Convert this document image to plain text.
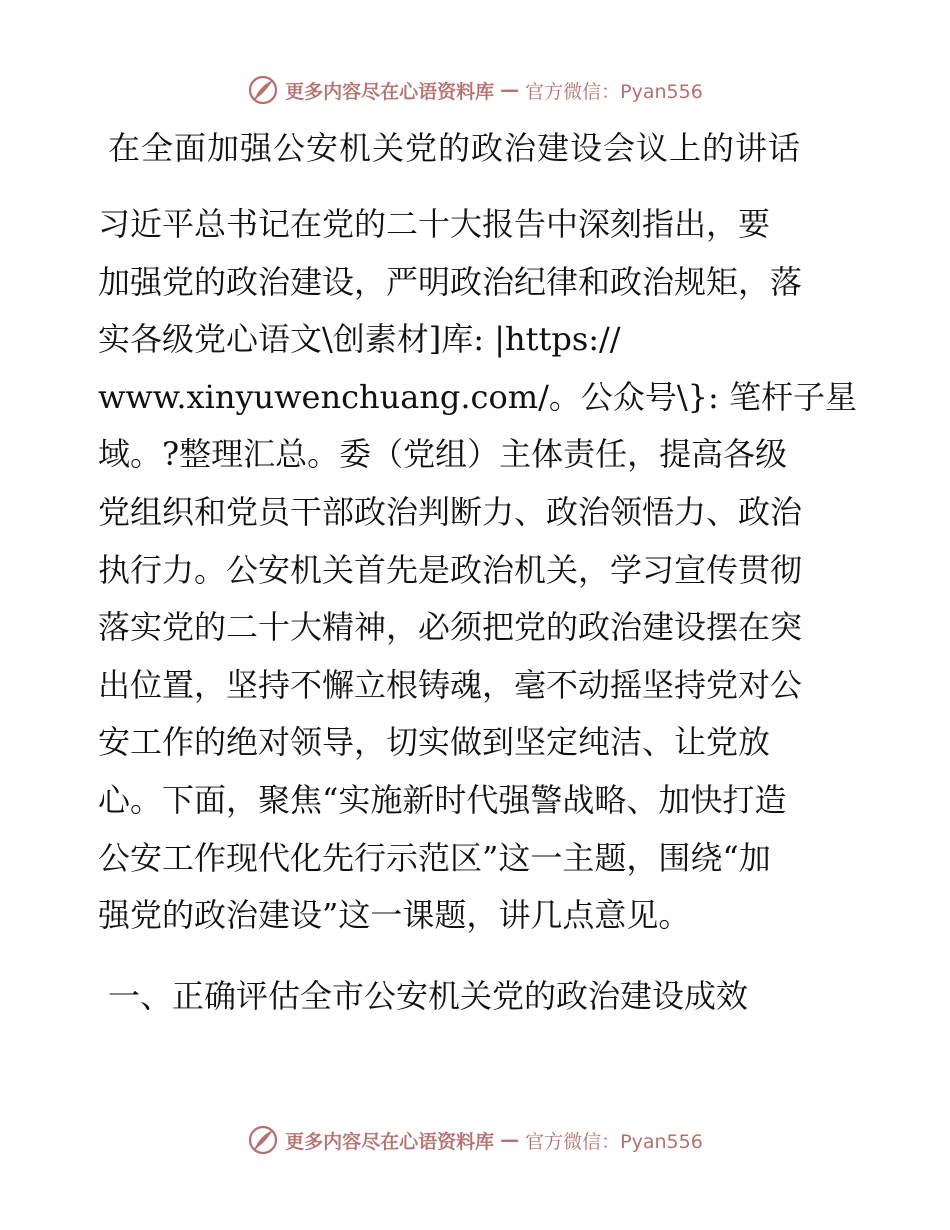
更多内容尽在心语资料库 — 官方微信：Pyan556
在全面加强公安机关党的政治建设会议上的讲话
习近平总书记在党的二十大报告中深刻指出，要
加强党的政治建设，严明政治纪律和政治规矩，落
实各级党心语文\创素材]库: |https://
www.xinyuwenchuang.com/。公众号\}: 笔杆子星
域。?整理汇总。委（党组）主体责任，提高各级
党组织和党员干部政治判断力、政治领悟力、政治
执行力。公安机关首先是政治机关，学习宣传贯彻
落实党的二十大精神，必须把党的政治建设摆在突
出位置，坚持不懈立根铸魂，毫不动摇坚持党对公
安工作的绝对领导，切实做到坚定纯洁、让党放
心。下面，聚焦“实施新时代强警战略、加快打造
公安工作现代化先行示范区”这一主题，围绕“加
强党的政治建设”这一课题，讲几点意见。
一、正确评估全市公安机关党的政治建设成效
更多内容尽在心语资料库 — 官方微信：Pyan556
